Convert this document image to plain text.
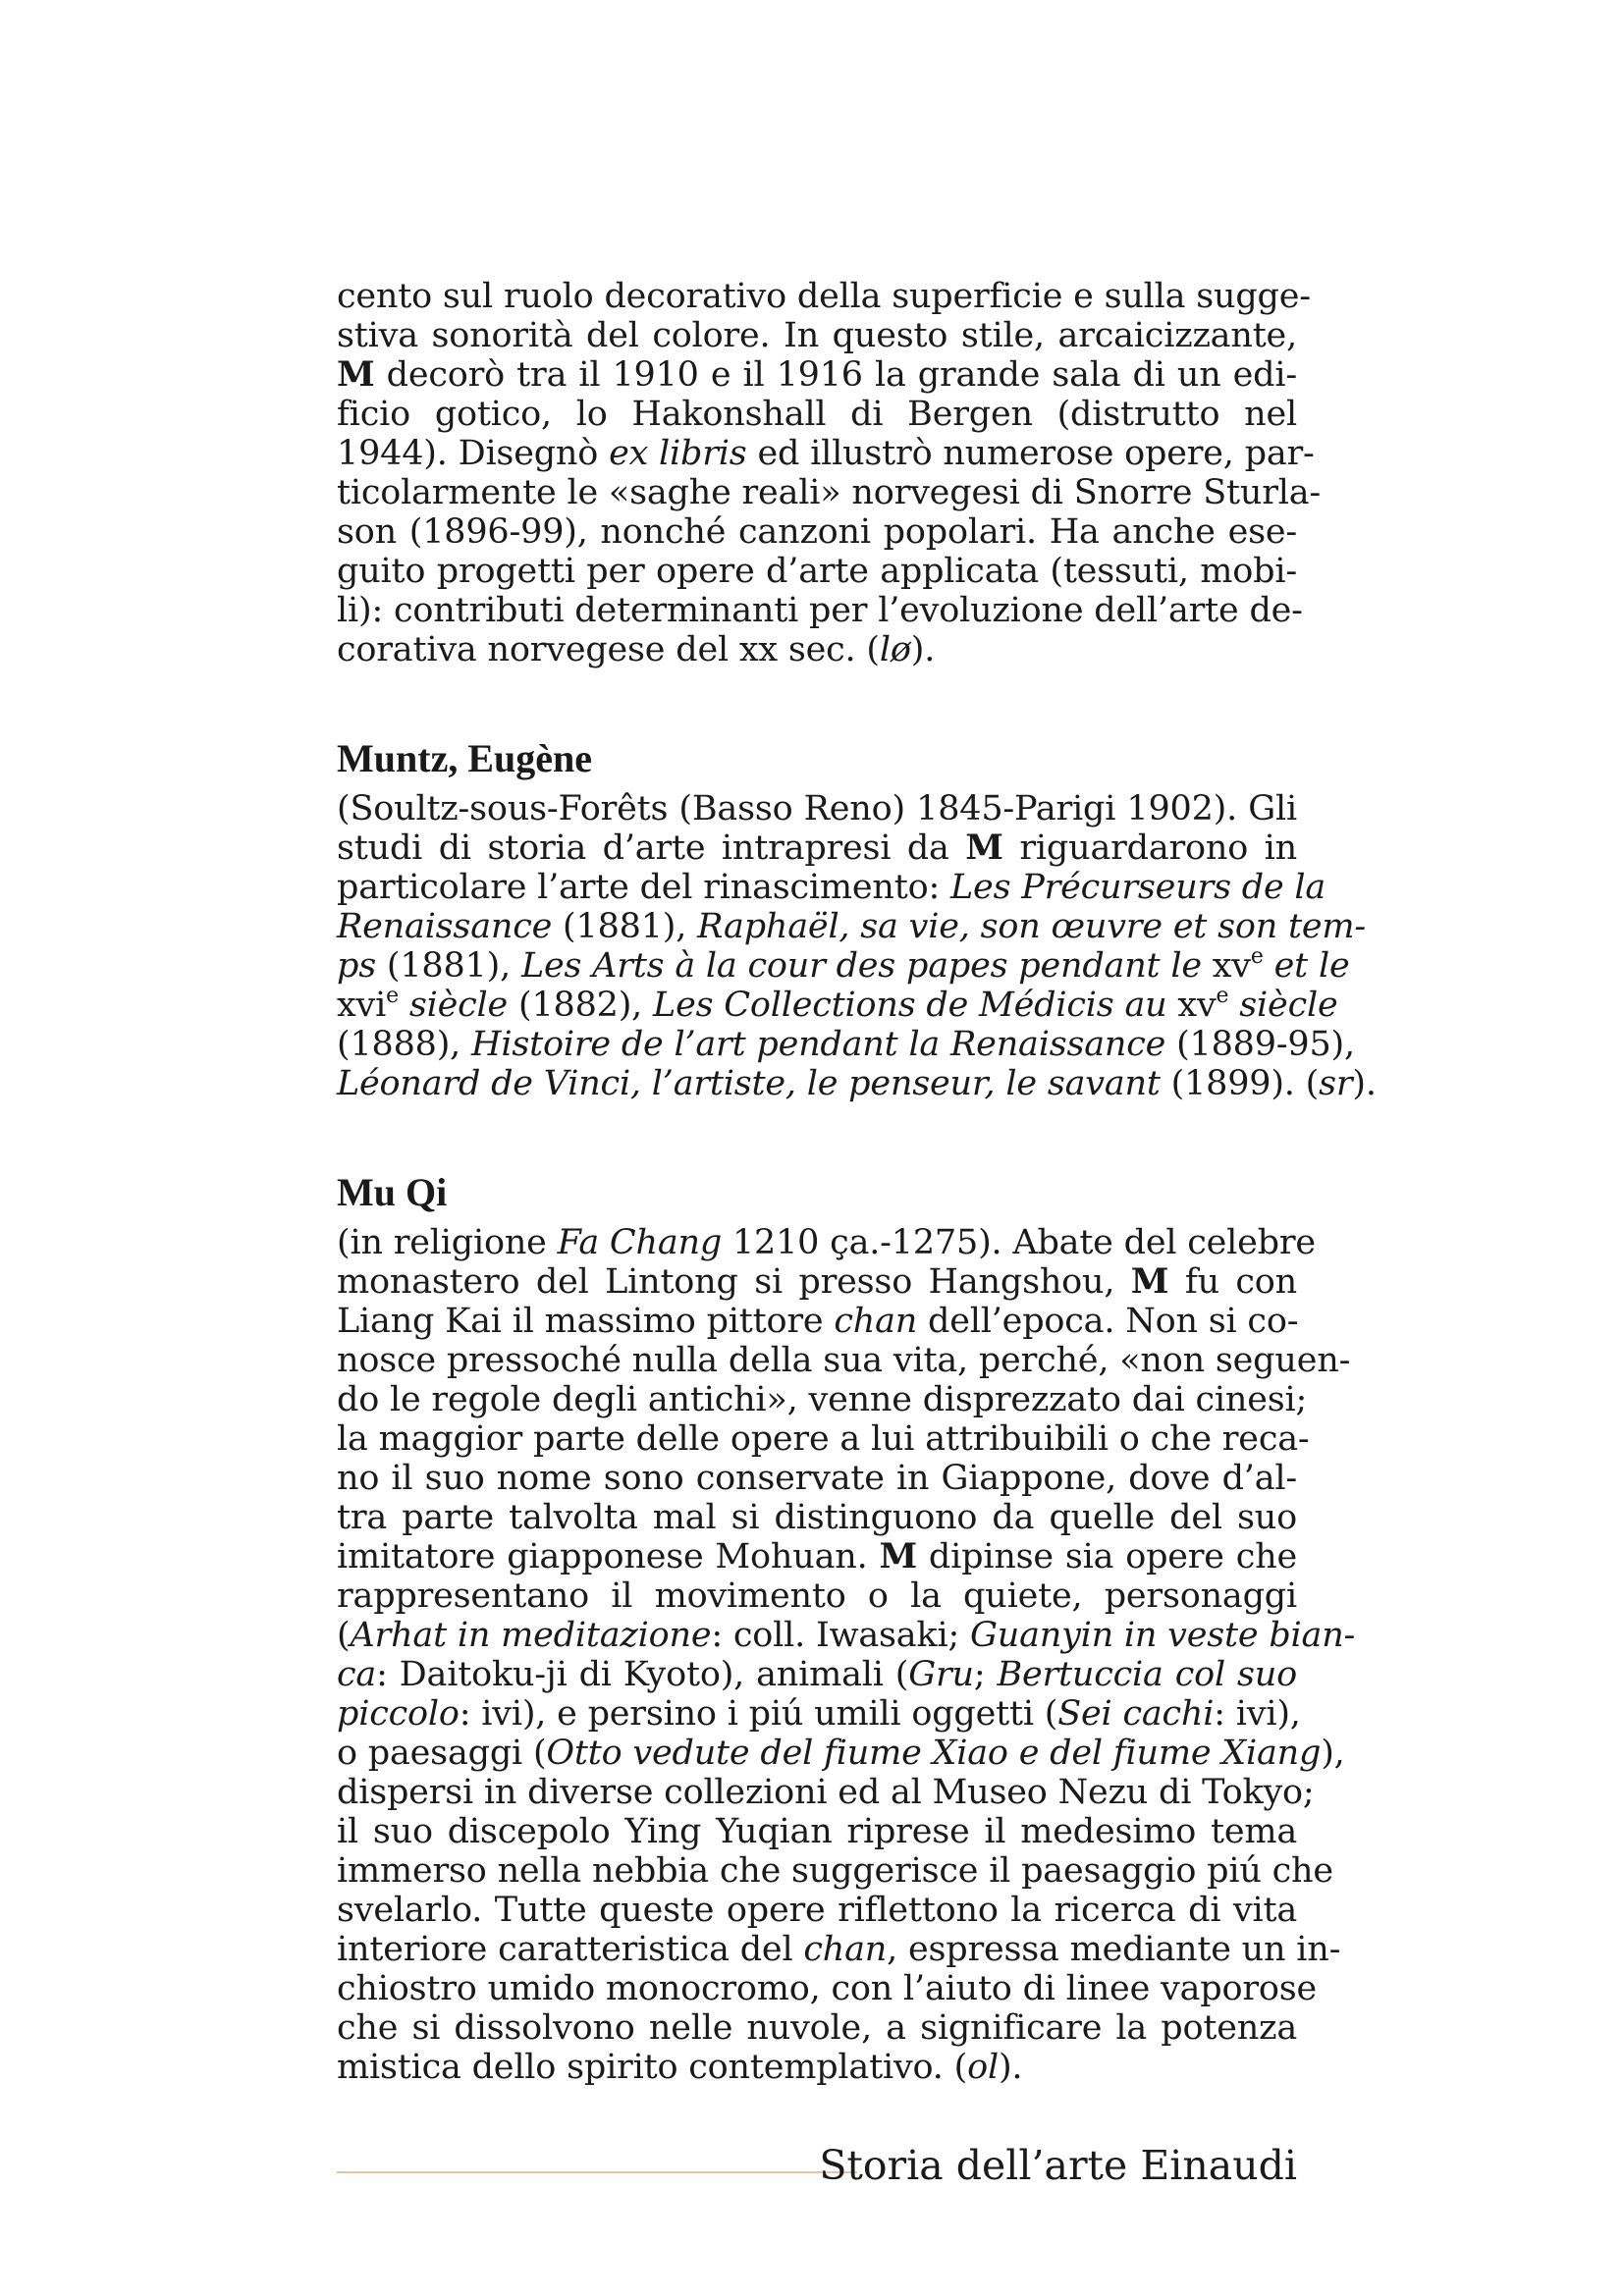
cento sul ruolo decorativo della superficie e sulla sugge-
stiva sonorità del colore. In questo stile, arcaicizzante,
M decorò tra il 1910 e il 1916 la grande sala di un edi-
ficio gotico, lo Hakonshall di Bergen (distrutto nel
1944). Disegnò ex libris ed illustrò numerose opere, par-
ticolarmente le «saghe reali» norvegesi di Snorre Sturla-
son (1896-99), nonché canzoni popolari. Ha anche ese-
guito progetti per opere d’arte applicata (tessuti, mobi-
li): contributi determinanti per l’evoluzione dell’arte de-
corativa norvegese del xx sec. (lø).

Muntz, Eugène

(Soultz-sous-Forêts (Basso Reno) 1845-Parigi 1902). Gli
studi di storia d’arte intrapresi da M riguardarono in
particolare l’arte del rinascimento: Les Précurseurs de la
Renaissance (1881), Raphaël, sa vie, son œuvre et son tem-
ps (1881), Les Arts à la cour des papes pendant le $xv^e$ et le
xvi$^e$ siècle (1882), Les Collections de Médicis au $xv^e$ siècle
(1888), Histoire de l’art pendant la Renaissance (1889-95),
Léonard de Vinci, l’artiste, le penseur, le savant (1899). (sr).

Mu Qi

(in religione Fa Chang 1210 ça.-1275). Abate del celebre
monastero del Lintong si presso Hangshou, M fu con
Liang Kai il massimo pittore chan dell’epoca. Non si co-
nosce pressoché nulla della sua vita, perché, «non seguen-
do le regole degli antichi», venne disprezzato dai cinesi;
la maggior parte delle opere a lui attribuibili o che reca-
no il suo nome sono conservate in Giappone, dove d’al-
tra parte talvolta mal si distinguono da quelle del suo
imitatore giapponese Mohuan. M dipinse sia opere che
rappresentano il movimento o la quiete, personaggi
(Arhat in meditazione: coll. Iwasaki; Guanyin in veste bian-
ca: Daitoku-ji di Kyoto), animali (Gru; Bertuccia col suo
piccolo: ivi), e persino i piú umili oggetti (Sei cachi: ivi),
o paesaggi (Otto vedute del fiume Xiao e del fiume Xiang),
dispersi in diverse collezioni ed al Museo Nezu di Tokyo;
il suo discepolo Ying Yuqian riprese il medesimo tema
immerso nella nebbia che suggerisce il paesaggio piú che
svelarlo. Tutte queste opere riflettono la ricerca di vita
interiore caratteristica del chan, espressa mediante un in-
chiostro umido monocromo, con l’aiuto di linee vaporose
che si dissolvono nelle nuvole, a significare la potenza
mistica dello spirito contemplativo. (ol).

Storia dell’arte Einaudi
